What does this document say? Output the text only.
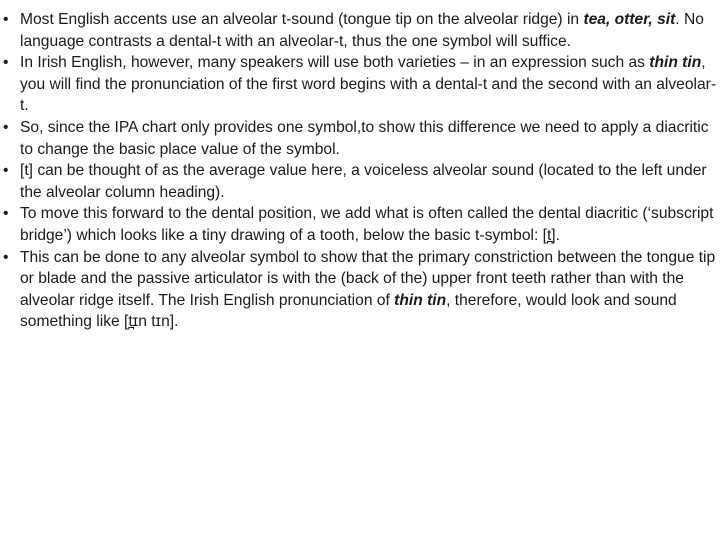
• Most English accents use an alveolar t-sound (tongue tip on the alveolar ridge) in tea, otter, sit. No language contrasts a dental-t with an alveolar-t, thus the one symbol will suffice.
• In Irish English, however, many speakers will use both varieties – in an expression such as thin tin, you will find the pronunciation of the first word begins with a dental-t and the second with an alveolar-t.
• So, since the IPA chart only provides one symbol,to show this difference we need to apply a diacritic to change the basic place value of the symbol.
• [t] can be thought of as the average value here, a voiceless alveolar sound (located to the left under the alveolar column heading).
• To move this forward to the dental position, we add what is often called the dental diacritic (‘subscript bridge’) which looks like a tiny drawing of a tooth, below the basic t-symbol: [t̪].
• This can be done to any alveolar symbol to show that the primary constriction between the tongue tip or blade and the passive articulator is with the (back of the) upper front teeth rather than with the alveolar ridge itself. The Irish English pronunciation of thin tin, therefore, would look and sound something like [t̪ɪn tɪn].
